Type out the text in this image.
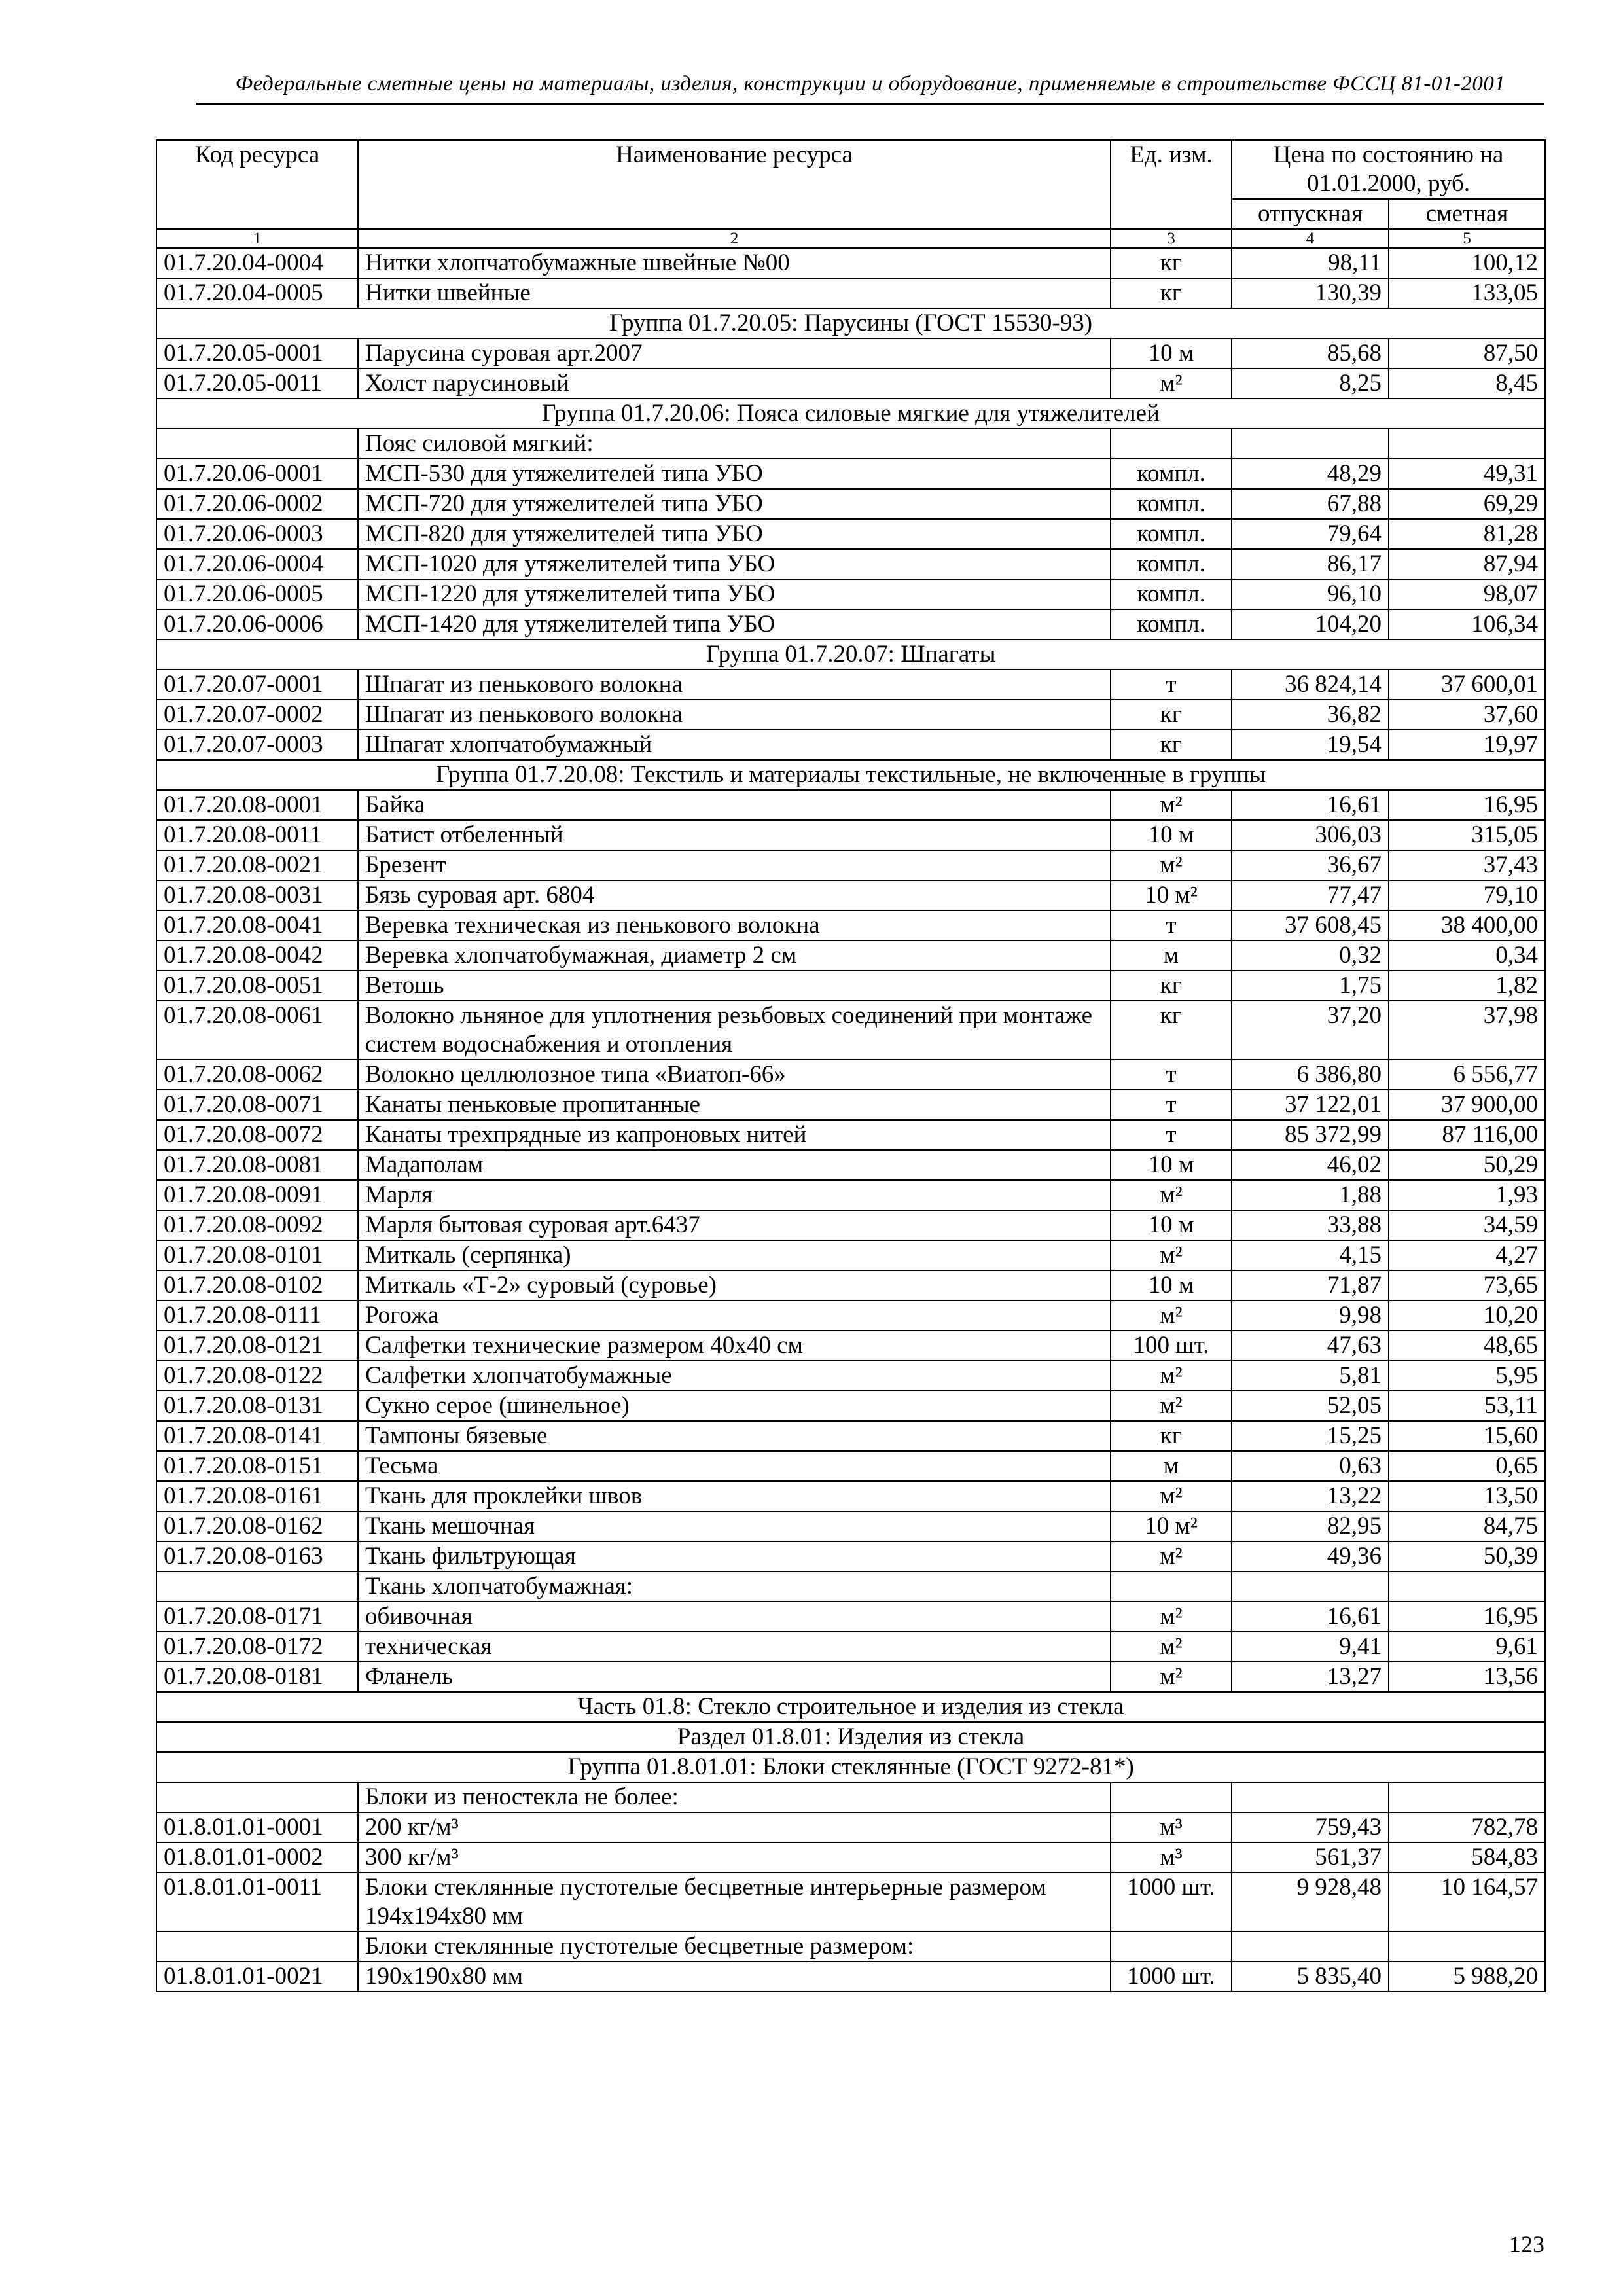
Федеральные сметные цены на материалы, изделия, конструкции и оборудование, применяемые в строительстве ФССЦ 81-01-2001
Код ресурса	Наименование ресурса	Ед. изм.	Цена по состоянию на 01.01.2000, руб.	
			отпускная	сметная
1	2	3	4	5
01.7.20.04-0004	Нитки хлопчатобумажные швейные №00	кг	98,11	100,12
01.7.20.04-0005	Нитки швейные	кг	130,39	133,05
Группа 01.7.20.05: Парусины (ГОСТ 15530-93)				
01.7.20.05-0001	Парусина суровая арт.2007	10 м	85,68	87,50
01.7.20.05-0011	Холст парусиновый	м²	8,25	8,45
Группа 01.7.20.06: Пояса силовые мягкие для утяжелителей				
	Пояс силовой мягкий:			
01.7.20.06-0001	МСП-530 для утяжелителей типа УБО	компл.	48,29	49,31
01.7.20.06-0002	МСП-720 для утяжелителей типа УБО	компл.	67,88	69,29
01.7.20.06-0003	МСП-820 для утяжелителей типа УБО	компл.	79,64	81,28
01.7.20.06-0004	МСП-1020 для утяжелителей типа УБО	компл.	86,17	87,94
01.7.20.06-0005	МСП-1220 для утяжелителей типа УБО	компл.	96,10	98,07
01.7.20.06-0006	МСП-1420 для утяжелителей типа УБО	компл.	104,20	106,34
Группа 01.7.20.07: Шпагаты				
01.7.20.07-0001	Шпагат из пенькового волокна	т	36 824,14	37 600,01
01.7.20.07-0002	Шпагат из пенькового волокна	кг	36,82	37,60
01.7.20.07-0003	Шпагат хлопчатобумажный	кг	19,54	19,97
Группа 01.7.20.08: Текстиль и материалы текстильные, не включенные в группы				
01.7.20.08-0001	Байка	м²	16,61	16,95
01.7.20.08-0011	Батист отбеленный	10 м	306,03	315,05
01.7.20.08-0021	Брезент	м²	36,67	37,43
01.7.20.08-0031	Бязь суровая арт. 6804	10 м²	77,47	79,10
01.7.20.08-0041	Веревка техническая из пенькового волокна	т	37 608,45	38 400,00
01.7.20.08-0042	Веревка хлопчатобумажная, диаметр 2 см	м	0,32	0,34
01.7.20.08-0051	Ветошь	кг	1,75	1,82
01.7.20.08-0061	Волокно льняное для уплотнения резьбовых соединений при монтаже систем водоснабжения и отопления	кг	37,20	37,98
01.7.20.08-0062	Волокно целлюлозное типа «Виатоп-66»	т	6 386,80	6 556,77
01.7.20.08-0071	Канаты пеньковые пропитанные	т	37 122,01	37 900,00
01.7.20.08-0072	Канаты трехпрядные из капроновых нитей	т	85 372,99	87 116,00
01.7.20.08-0081	Мадаполам	10 м	46,02	50,29
01.7.20.08-0091	Марля	м²	1,88	1,93
01.7.20.08-0092	Марля бытовая суровая арт.6437	10 м	33,88	34,59
01.7.20.08-0101	Миткаль (серпянка)	м²	4,15	4,27
01.7.20.08-0102	Миткаль «Т-2» суровый (суровье)	10 м	71,87	73,65
01.7.20.08-0111	Рогожа	м²	9,98	10,20
01.7.20.08-0121	Салфетки технические размером 40x40 см	100 шт.	47,63	48,65
01.7.20.08-0122	Салфетки хлопчатобумажные	м²	5,81	5,95
01.7.20.08-0131	Сукно серое (шинельное)	м²	52,05	53,11
01.7.20.08-0141	Тампоны бязевые	кг	15,25	15,60
01.7.20.08-0151	Тесьма	м	0,63	0,65
01.7.20.08-0161	Ткань для проклейки швов	м²	13,22	13,50
01.7.20.08-0162	Ткань мешочная	10 м²	82,95	84,75
01.7.20.08-0163	Ткань фильтрующая	м²	49,36	50,39
	Ткань хлопчатобумажная:			
01.7.20.08-0171	обивочная	м²	16,61	16,95
01.7.20.08-0172	техническая	м²	9,41	9,61
01.7.20.08-0181	Фланель	м²	13,27	13,56
Часть 01.8: Стекло строительное и изделия из стекла				
Раздел 01.8.01: Изделия из стекла				
Группа 01.8.01.01: Блоки стеклянные (ГОСТ 9272-81*)				
	Блоки из пеностекла не более:			
01.8.01.01-0001	200 кг/м³	м³	759,43	782,78
01.8.01.01-0002	300 кг/м³	м³	561,37	584,83
01.8.01.01-0011	Блоки стеклянные пустотелые бесцветные интерьерные размером 194x194x80 мм	1000 шт.	9 928,48	10 164,57
	Блоки стеклянные пустотелые бесцветные размером:			
01.8.01.01-0021	190x190x80 мм	1000 шт.	5 835,40	5 988,20
123
